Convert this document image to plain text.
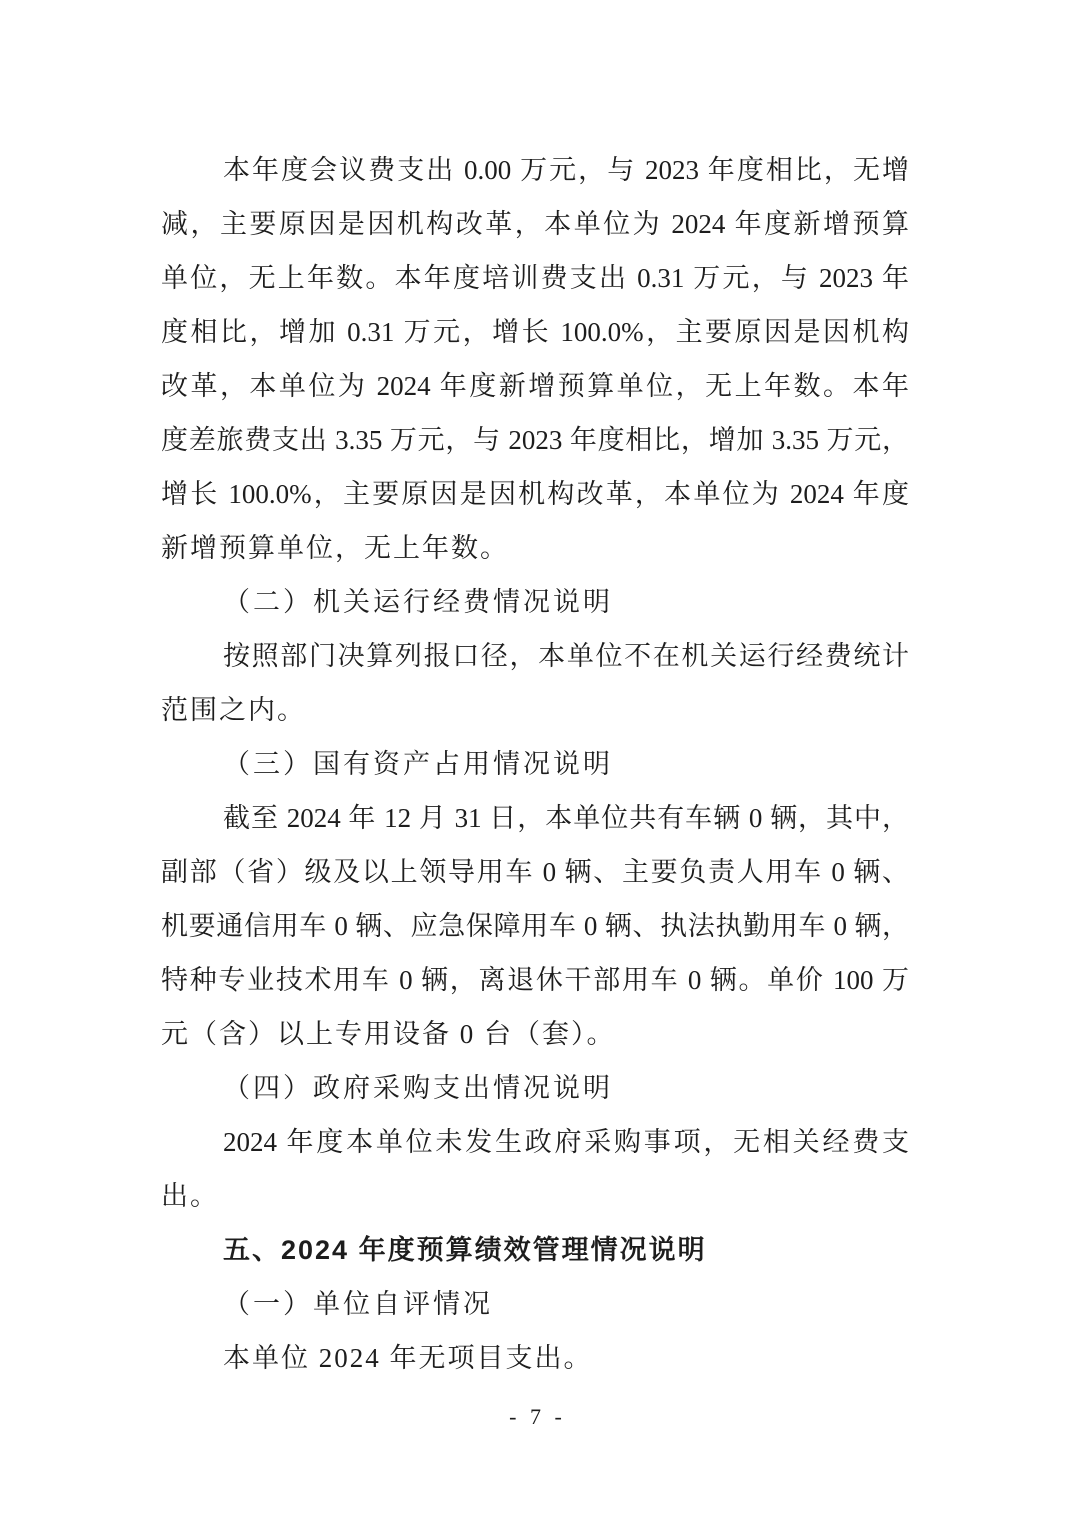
本年度会议费支出 0.00 万元，与 2023 年度相比，无增
减，主要原因是因机构改革，本单位为 2024 年度新增预算
单位，无上年数。本年度培训费支出 0.31 万元，与 2023 年
度相比，增加 0.31 万元，增长 100.0%，主要原因是因机构
改革，本单位为 2024 年度新增预算单位，无上年数。本年
度差旅费支出 3.35 万元，与 2023 年度相比，增加 3.35 万元，
增长 100.0%，主要原因是因机构改革，本单位为 2024 年度
新增预算单位，无上年数。
（二）机关运行经费情况说明
按照部门决算列报口径，本单位不在机关运行经费统计
范围之内。
（三）国有资产占用情况说明
截至 2024 年 12 月 31 日，本单位共有车辆 0 辆，其中，
副部（省）级及以上领导用车 0 辆、主要负责人用车 0 辆、
机要通信用车 0 辆、应急保障用车 0 辆、执法执勤用车 0 辆，
特种专业技术用车 0 辆，离退休干部用车 0 辆。单价 100 万
元（含）以上专用设备 0 台（套）。
（四）政府采购支出情况说明
2024 年度本单位未发生政府采购事项，无相关经费支
出。
五、2024 年度预算绩效管理情况说明
（一）单位自评情况
本单位 2024 年无项目支出。
- 7 -
